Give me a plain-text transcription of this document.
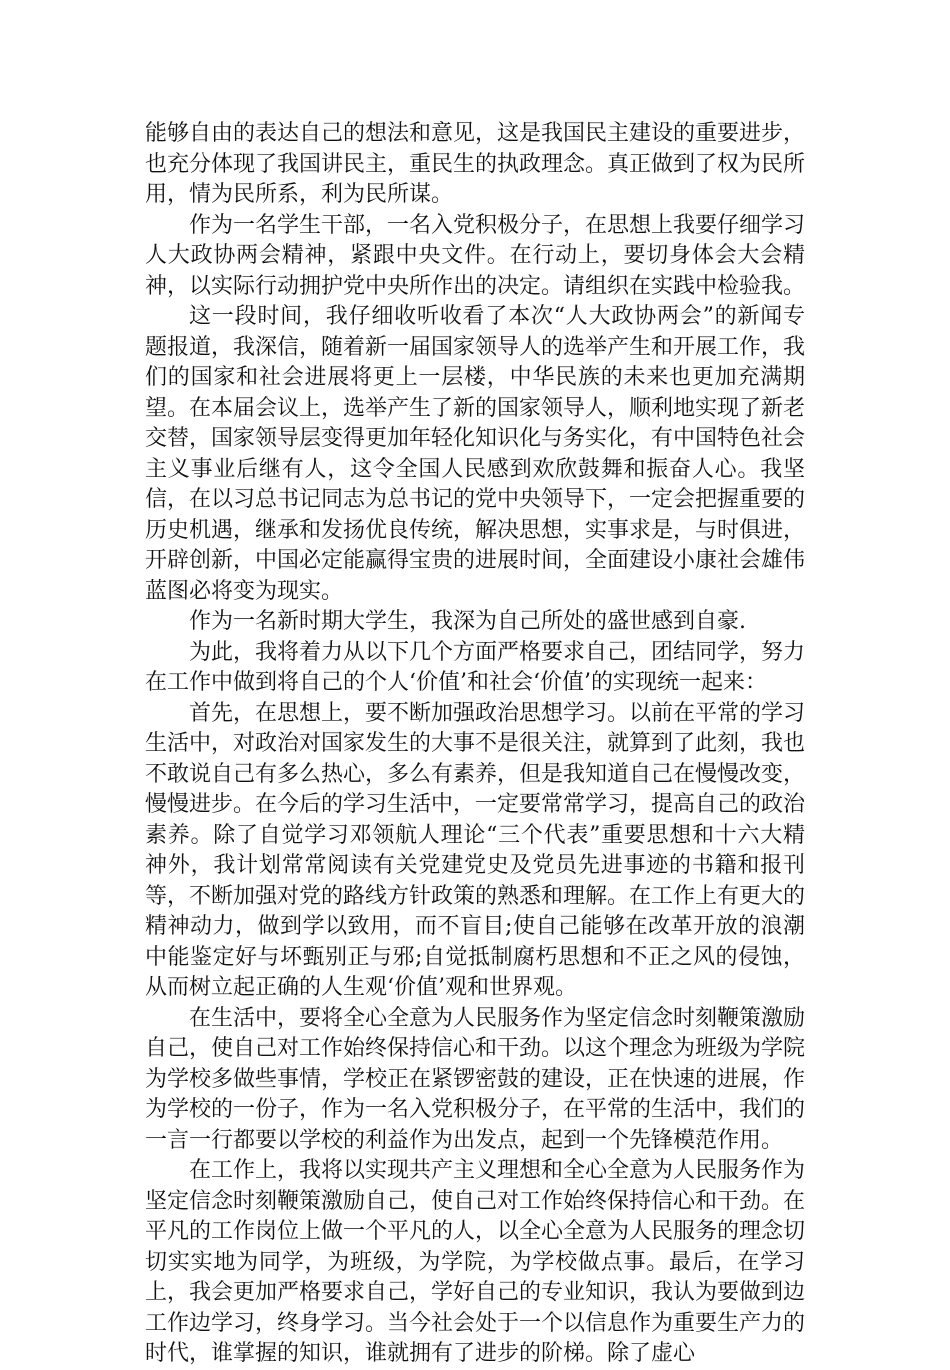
能够自由的表达自己的想法和意见，这是我国民主建设的重要进步，也充分体现了我国讲民主，重民生的执政理念。真正做到了权为民所用，情为民所系，利为民所谋。

作为一名学生干部，一名入党积极分子，在思想上我要仔细学习人大政协两会精神，紧跟中央文件。在行动上，要切身体会大会精神，以实际行动拥护党中央所作出的决定。请组织在实践中检验我。

这一段时间，我仔细收听收看了本次“人大政协两会”的新闻专题报道，我深信，随着新一届国家领导人的选举产生和开展工作，我们的国家和社会进展将更上一层楼，中华民族的未来也更加充满期望。在本届会议上，选举产生了新的国家领导人，顺利地实现了新老交替，国家领导层变得更加年轻化知识化与务实化，有中国特色社会主义事业后继有人，这令全国人民感到欢欣鼓舞和振奋人心。我坚信，在以习总书记同志为总书记的党中央领导下，一定会把握重要的历史机遇，继承和发扬优良传统，解决思想，实事求是，与时俱进，开辟创新，中国必定能赢得宝贵的进展时间，全面建设小康社会雄伟蓝图必将变为现实。

作为一名新时期大学生，我深为自己所处的盛世感到自豪.

为此，我将着力从以下几个方面严格要求自己，团结同学，努力在工作中做到将自己的个人‘价值’和社会‘价值’的实现统一起来：

首先，在思想上，要不断加强政治思想学习。以前在平常的学习生活中，对政治对国家发生的大事不是很关注，就算到了此刻，我也不敢说自己有多么热心，多么有素养，但是我知道自己在慢慢改变，慢慢进步。在今后的学习生活中，一定要常常学习，提高自己的政治素养。除了自觉学习邓领航人理论“三个代表”重要思想和十六大精神外，我计划常常阅读有关党建党史及党员先进事迹的书籍和报刊等，不断加强对党的路线方针政策的熟悉和理解。在工作上有更大的精神动力，做到学以致用，而不盲目;使自己能够在改革开放的浪潮中能鉴定好与坏甄别正与邪;自觉抵制腐朽思想和不正之风的侵蚀，从而树立起正确的人生观‘价值’观和世界观。

在生活中，要将全心全意为人民服务作为坚定信念时刻鞭策激励自己，使自己对工作始终保持信心和干劲。以这个理念为班级为学院为学校多做些事情，学校正在紧锣密鼓的建设，正在快速的进展，作为学校的一份子，作为一名入党积极分子，在平常的生活中，我们的一言一行都要以学校的利益作为出发点，起到一个先锋模范作用。

在工作上，我将以实现共产主义理想和全心全意为人民服务作为坚定信念时刻鞭策激励自己，使自己对工作始终保持信心和干劲。在平凡的工作岗位上做一个平凡的人，以全心全意为人民服务的理念切切实实地为同学，为班级，为学院，为学校做点事。最后，在学习上，我会更加严格要求自己，学好自己的专业知识，我认为要做到边工作边学习，终身学习。当今社会处于一个以信息作为重要生产力的时代，谁掌握的知识，谁就拥有了进步的阶梯。除了虚心
